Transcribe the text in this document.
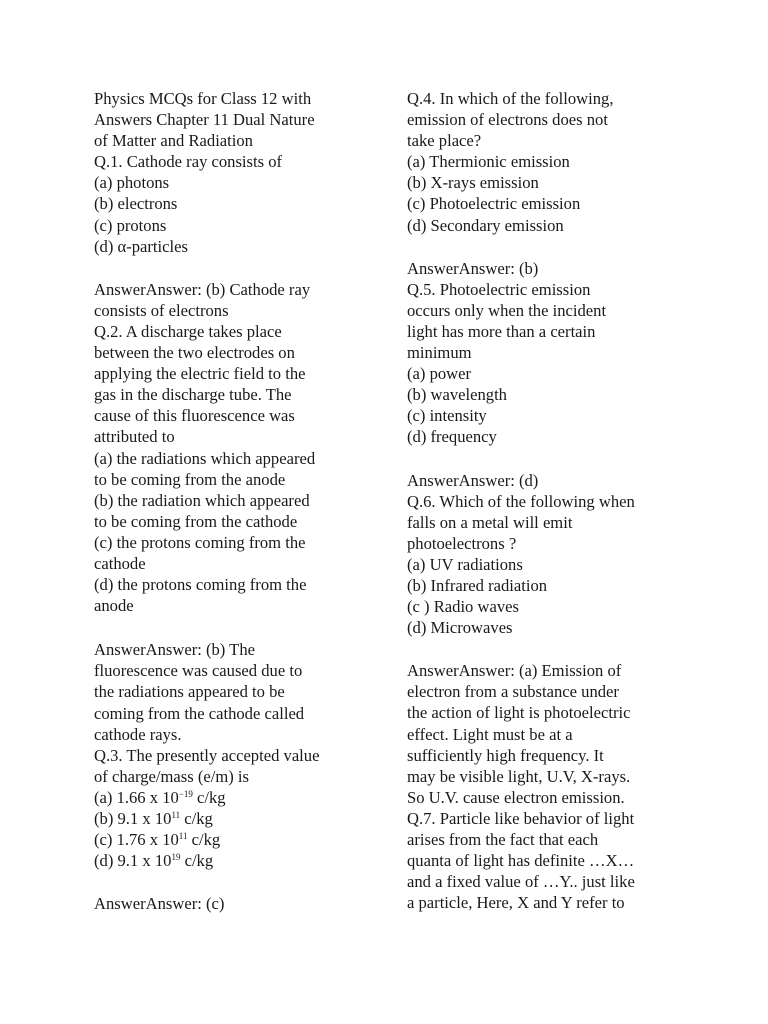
Physics MCQs for Class 12 with
Answers Chapter 11 Dual Nature
of Matter and Radiation
Q.1. Cathode ray consists of
(a) photons
(b) electrons
(c) protons
(d) α-particles
AnswerAnswer: (b) Cathode ray
consists of electrons
Q.2. A discharge takes place
between the two electrodes on
applying the electric field to the
gas in the discharge tube. The
cause of this fluorescence was
attributed to
(a) the radiations which appeared
to be coming from the anode
(b) the radiation which appeared
to be coming from the cathode
(c) the protons coming from the
cathode
(d) the protons coming from the
anode
AnswerAnswer: (b) The
fluorescence was caused due to
the radiations appeared to be
coming from the cathode called
cathode rays.
Q.3. The presently accepted value
of charge/mass (e/m) is
(a) 1.66 x $10^{-19}$ c/kg
(b) 9.1 x $10^{11}$ c/kg
(c) 1.76 x $10^{11}$ c/kg
(d) 9.1 x $10^{19}$ c/kg
AnswerAnswer: (c)
Q.4. In which of the following,
emission of electrons does not
take place?
(a) Thermionic emission
(b) X-rays emission
(c) Photoelectric emission
(d) Secondary emission
AnswerAnswer: (b)
Q.5. Photoelectric emission
occurs only when the incident
light has more than a certain
minimum
(a) power
(b) wavelength
(c) intensity
(d) frequency
AnswerAnswer: (d)
Q.6. Which of the following when
falls on a metal will emit
photoelectrons ?
(a) UV radiations
(b) Infrared radiation
(c ) Radio waves
(d) Microwaves
AnswerAnswer: (a) Emission of
electron from a substance under
the action of light is photoelectric
effect. Light must be at a
sufficiently high frequency. It
may be visible light, U.V, X-rays.
So U.V. cause electron emission.
Q.7. Particle like behavior of light
arises from the fact that each
quanta of light has definite …X…
and a fixed value of …Y.. just like
a particle, Here, X and Y refer to
